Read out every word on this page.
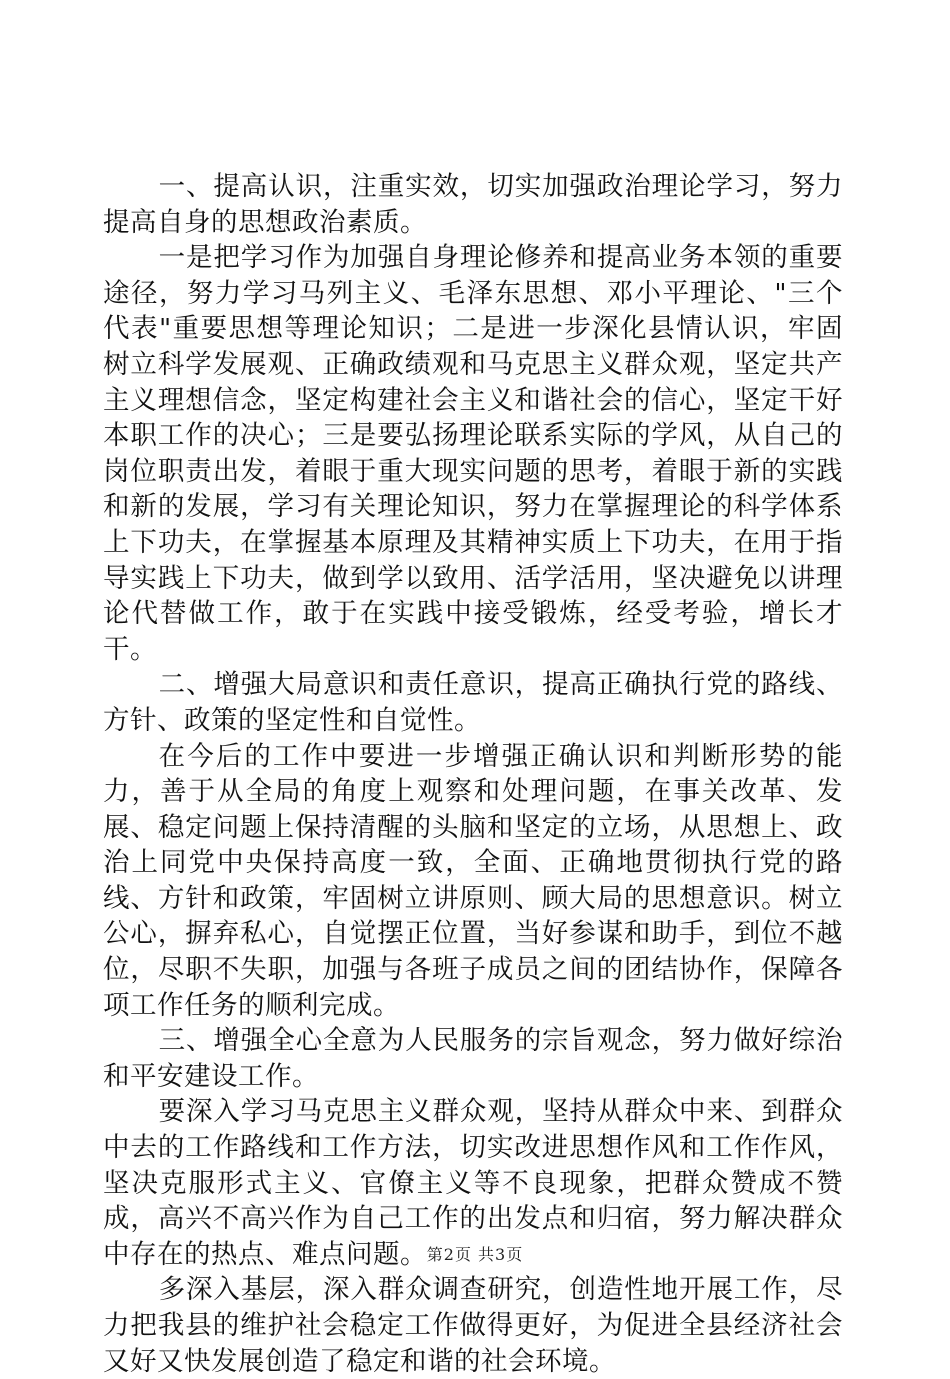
一、提高认识，注重实效，切实加强政治理论学习，努力提高自身的思想政治素质。

一是把学习作为加强自身理论修养和提高业务本领的重要途径，努力学习马列主义、毛泽东思想、邓小平理论、"三个代表"重要思想等理论知识；二是进一步深化县情认识，牢固树立科学发展观、正确政绩观和马克思主义群众观，坚定共产主义理想信念，坚定构建社会主义和谐社会的信心，坚定干好本职工作的决心；三是要弘扬理论联系实际的学风，从自己的岗位职责出发，着眼于重大现实问题的思考，着眼于新的实践和新的发展，学习有关理论知识，努力在掌握理论的科学体系上下功夫，在掌握基本原理及其精神实质上下功夫，在用于指导实践上下功夫，做到学以致用、活学活用，坚决避免以讲理论代替做工作，敢于在实践中接受锻炼，经受考验，增长才干。

二、增强大局意识和责任意识，提高正确执行党的路线、方针、政策的坚定性和自觉性。

在今后的工作中要进一步增强正确认识和判断形势的能力，善于从全局的角度上观察和处理问题，在事关改革、发展、稳定问题上保持清醒的头脑和坚定的立场，从思想上、政治上同党中央保持高度一致，全面、正确地贯彻执行党的路线、方针和政策，牢固树立讲原则、顾大局的思想意识。树立公心，摒弃私心，自觉摆正位置，当好参谋和助手，到位不越位，尽职不失职，加强与各班子成员之间的团结协作，保障各项工作任务的顺利完成。

三、增强全心全意为人民服务的宗旨观念，努力做好综治和平安建设工作。

要深入学习马克思主义群众观，坚持从群众中来、到群众中去的工作路线和工作方法，切实改进思想作风和工作作风，坚决克服形式主义、官僚主义等不良现象，把群众赞成不赞成，高兴不高兴作为自己工作的出发点和归宿，努力解决群众中存在的热点、难点问题。

多深入基层，深入群众调查研究，创造性地开展工作，尽力把我县的维护社会稳定工作做得更好，为促进全县经济社会又好又快发展创造了稳定和谐的社会环境。

第2页 共3页
